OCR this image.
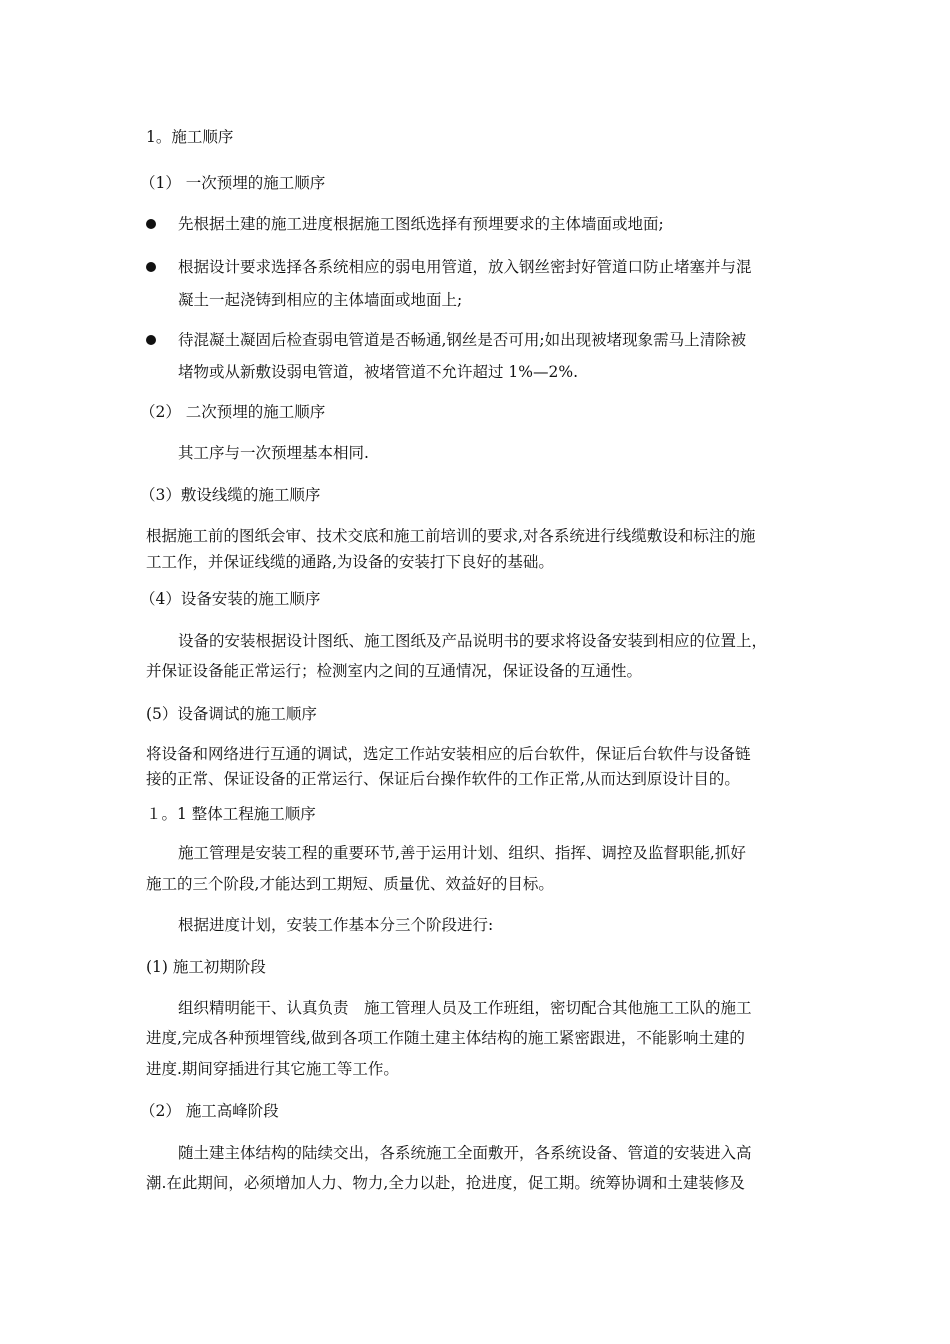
1。施工顺序
（1） 一次预埋的施工顺序
先根据土建的施工进度根据施工图纸选择有预埋要求的主体墙面或地面;
根据设计要求选择各系统相应的弱电用管道，放入钢丝密封好管道口防止堵塞并与混
凝土一起浇铸到相应的主体墙面或地面上;
待混凝土凝固后检查弱电管道是否畅通,钢丝是否可用;如出现被堵现象需马上清除被
堵物或从新敷设弱电管道，被堵管道不允许超过 1%—2%.
（2） 二次预埋的施工顺序
其工序与一次预埋基本相同.
（3）敷设线缆的施工顺序
根据施工前的图纸会审、技术交底和施工前培训的要求,对各系统进行线缆敷设和标注的施
工工作，并保证线缆的通路,为设备的安装打下良好的基础。
（4）设备安装的施工顺序
设备的安装根据设计图纸、施工图纸及产品说明书的要求将设备安装到相应的位置上，
并保证设备能正常运行；检测室内之间的互通情况，保证设备的互通性。
(5）设备调试的施工顺序
将设备和网络进行互通的调试，选定工作站安装相应的后台软件，保证后台软件与设备链
接的正常、保证设备的正常运行、保证后台操作软件的工作正常,从而达到原设计目的。
１。1 整体工程施工顺序
施工管理是安装工程的重要环节,善于运用计划、组织、指挥、调控及监督职能,抓好
施工的三个阶段,才能达到工期短、质量优、效益好的目标。
根据进度计划，安装工作基本分三个阶段进行:
(1) 施工初期阶段
组织精明能干、认真负责　施工管理人员及工作班组，密切配合其他施工工队的施工
进度,完成各种预埋管线,做到各项工作随土建主体结构的施工紧密跟进，不能影响土建的
进度.期间穿插进行其它施工等工作。
（2） 施工高峰阶段
随土建主体结构的陆续交出，各系统施工全面敷开，各系统设备、管道的安装进入高
潮.在此期间，必须增加人力、物力,全力以赴，抢进度，促工期。统筹协调和土建装修及
